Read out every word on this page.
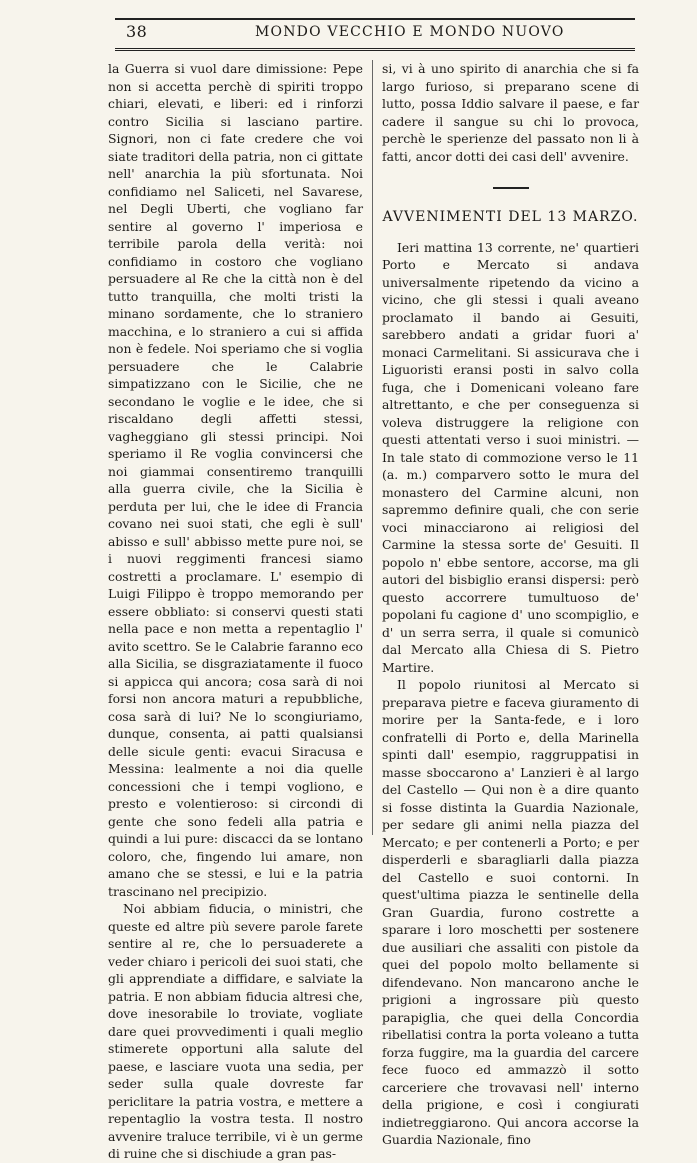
38	MONDO VECCHIO E MONDO NUOVO

la Guerra si vuol dare dimissione: Pepe non si accetta perchè di spiriti troppo chiari, elevati, e liberi: ed i rinforzi contro Sicilia si lasciano partire. Signori, non ci fate credere che voi siate traditori della patria, non ci gittate nell' anarchia la più sfortunata. Noi confidiamo nel Saliceti, nel Savarese, nel Degli Uberti, che vogliano far sentire al governo l' imperiosa e terribile parola della verità: noi confidiamo in costoro che vogliano persuadere al Re che la città non è del tutto tranquilla, che molti tristi la minano sordamente, che lo straniero macchina, e lo straniero a cui si affida non è fedele. Noi speriamo che si voglia persuadere che le Calabrie simpatizzano con le Sicilie, che ne secondano le voglie e le idee, che si riscaldano degli affetti stessi, vagheggiano gli stessi principi. Noi speriamo il Re voglia convincersi che noi giammai consentiremo tranquilli alla guerra civile, che la Sicilia è perduta per lui, che le idee di Francia covano nei suoi stati, che egli è sull' abisso e sull' abbisso mette pure noi, se i nuovi reggimenti francesi siamo costretti a proclamare. L' esempio di Luigi Filippo è troppo memorando per essere obbliato: si conservi questi stati nella pace e non metta a repentaglio l' avito scettro. Se le Calabrie faranno eco alla Sicilia, se disgraziatamente il fuoco si appicca qui ancora; cosa sarà di noi forsi non ancora maturi a repubbliche, cosa sarà di lui? Ne lo scongiuriamo, dunque, consenta, ai patti qualsiansi delle sicule genti: evacui Siracusa e Messina: lealmente a noi dia quelle concessioni che i tempi vogliono, e presto e volentieroso: si circondi di gente che sono fedeli alla patria e quindi a lui pure: discacci da se lontano coloro, che, fingendo lui amare, non amano che se stessi, e lui e la patria trascinano nel precipizio.

Noi abbiam fiducia, o ministri, che queste ed altre più severe parole farete sentire al re, che lo persuaderete a veder chiaro i pericoli dei suoi stati, che gli apprendiate a diffidare, e salviate la patria. E non abbiam fiducia altresi che, dove inesorabile lo troviate, vogliate dare quei provvedimenti i quali meglio stimerete opportuni alla salute del paese, e lasciare vuota una sedia, per seder sulla quale dovreste far periclitare la patria vostra, e mettere a repentaglio la vostra testa. Il nostro avvenire traluce terribile, vi è un germe di ruine che si dischiude a gran pas-

si, vi à uno spirito di anarchia che si fa largo furioso, si preparano scene di lutto, possa Iddio salvare il paese, e far cadere il sangue su chi lo provoca, perchè le sperienze del passato non li à fatti, ancor dotti dei casi dell' avvenire.

AVVENIMENTI DEL 13 MARZO.

Ieri mattina 13 corrente, ne' quartieri Porto e Mercato si andava universalmente ripetendo da vicino a vicino, che gli stessi i quali aveano proclamato il bando ai Gesuiti, sarebbero andati a gridar fuori a' monaci Carmelitani. Si assicurava che i Liguoristi eransi posti in salvo colla fuga, che i Domenicani voleano fare altrettanto, e che per conseguenza si voleva distruggere la religione con questi attentati verso i suoi ministri. — In tale stato di commozione verso le 11 (a. m.) comparvero sotto le mura del monastero del Carmine alcuni, non sapremmo definire quali, che con serie voci minacciarono ai religiosi del Carmine la stessa sorte de' Gesuiti. Il popolo n' ebbe sentore, accorse, ma gli autori del bisbiglio eransi dispersi: però questo accorrere tumultuoso de' popolani fu cagione d' uno scompiglio, e d' un serra serra, il quale si comunicò dal Mercato alla Chiesa di S. Pietro Martire.

Il popolo riunitosi al Mercato si preparava pietre e faceva giuramento di morire per la Santa-fede, e i loro confratelli di Porto e, della Marinella spinti dall' esempio, raggruppatisi in masse sboccarono a' Lanzieri è al largo del Castello — Qui non è a dire quanto si fosse distinta la Guardia Nazionale, per sedare gli animi nella piazza del Mercato; e per contenerli a Porto; e per disperderli e sbaragliarli dalla piazza del Castello e suoi contorni. In quest'ultima piazza le sentinelle della Gran Guardia, furono costrette a sparare i loro moschetti per sostenere due ausiliari che assaliti con pistole da quei del popolo molto bellamente si difendevano. Non mancarono anche le prigioni a ingrossare più questo parapiglia, che quei della Concordia ribellatisi contra la porta voleano a tutta forza fuggire, ma la guardia del carcere fece fuoco ed ammazzò il sotto carceriere che trovavasi nell' interno della prigione, e così i congiurati indietreggiarono. Qui ancora accorse la Guardia Nazionale, fino
